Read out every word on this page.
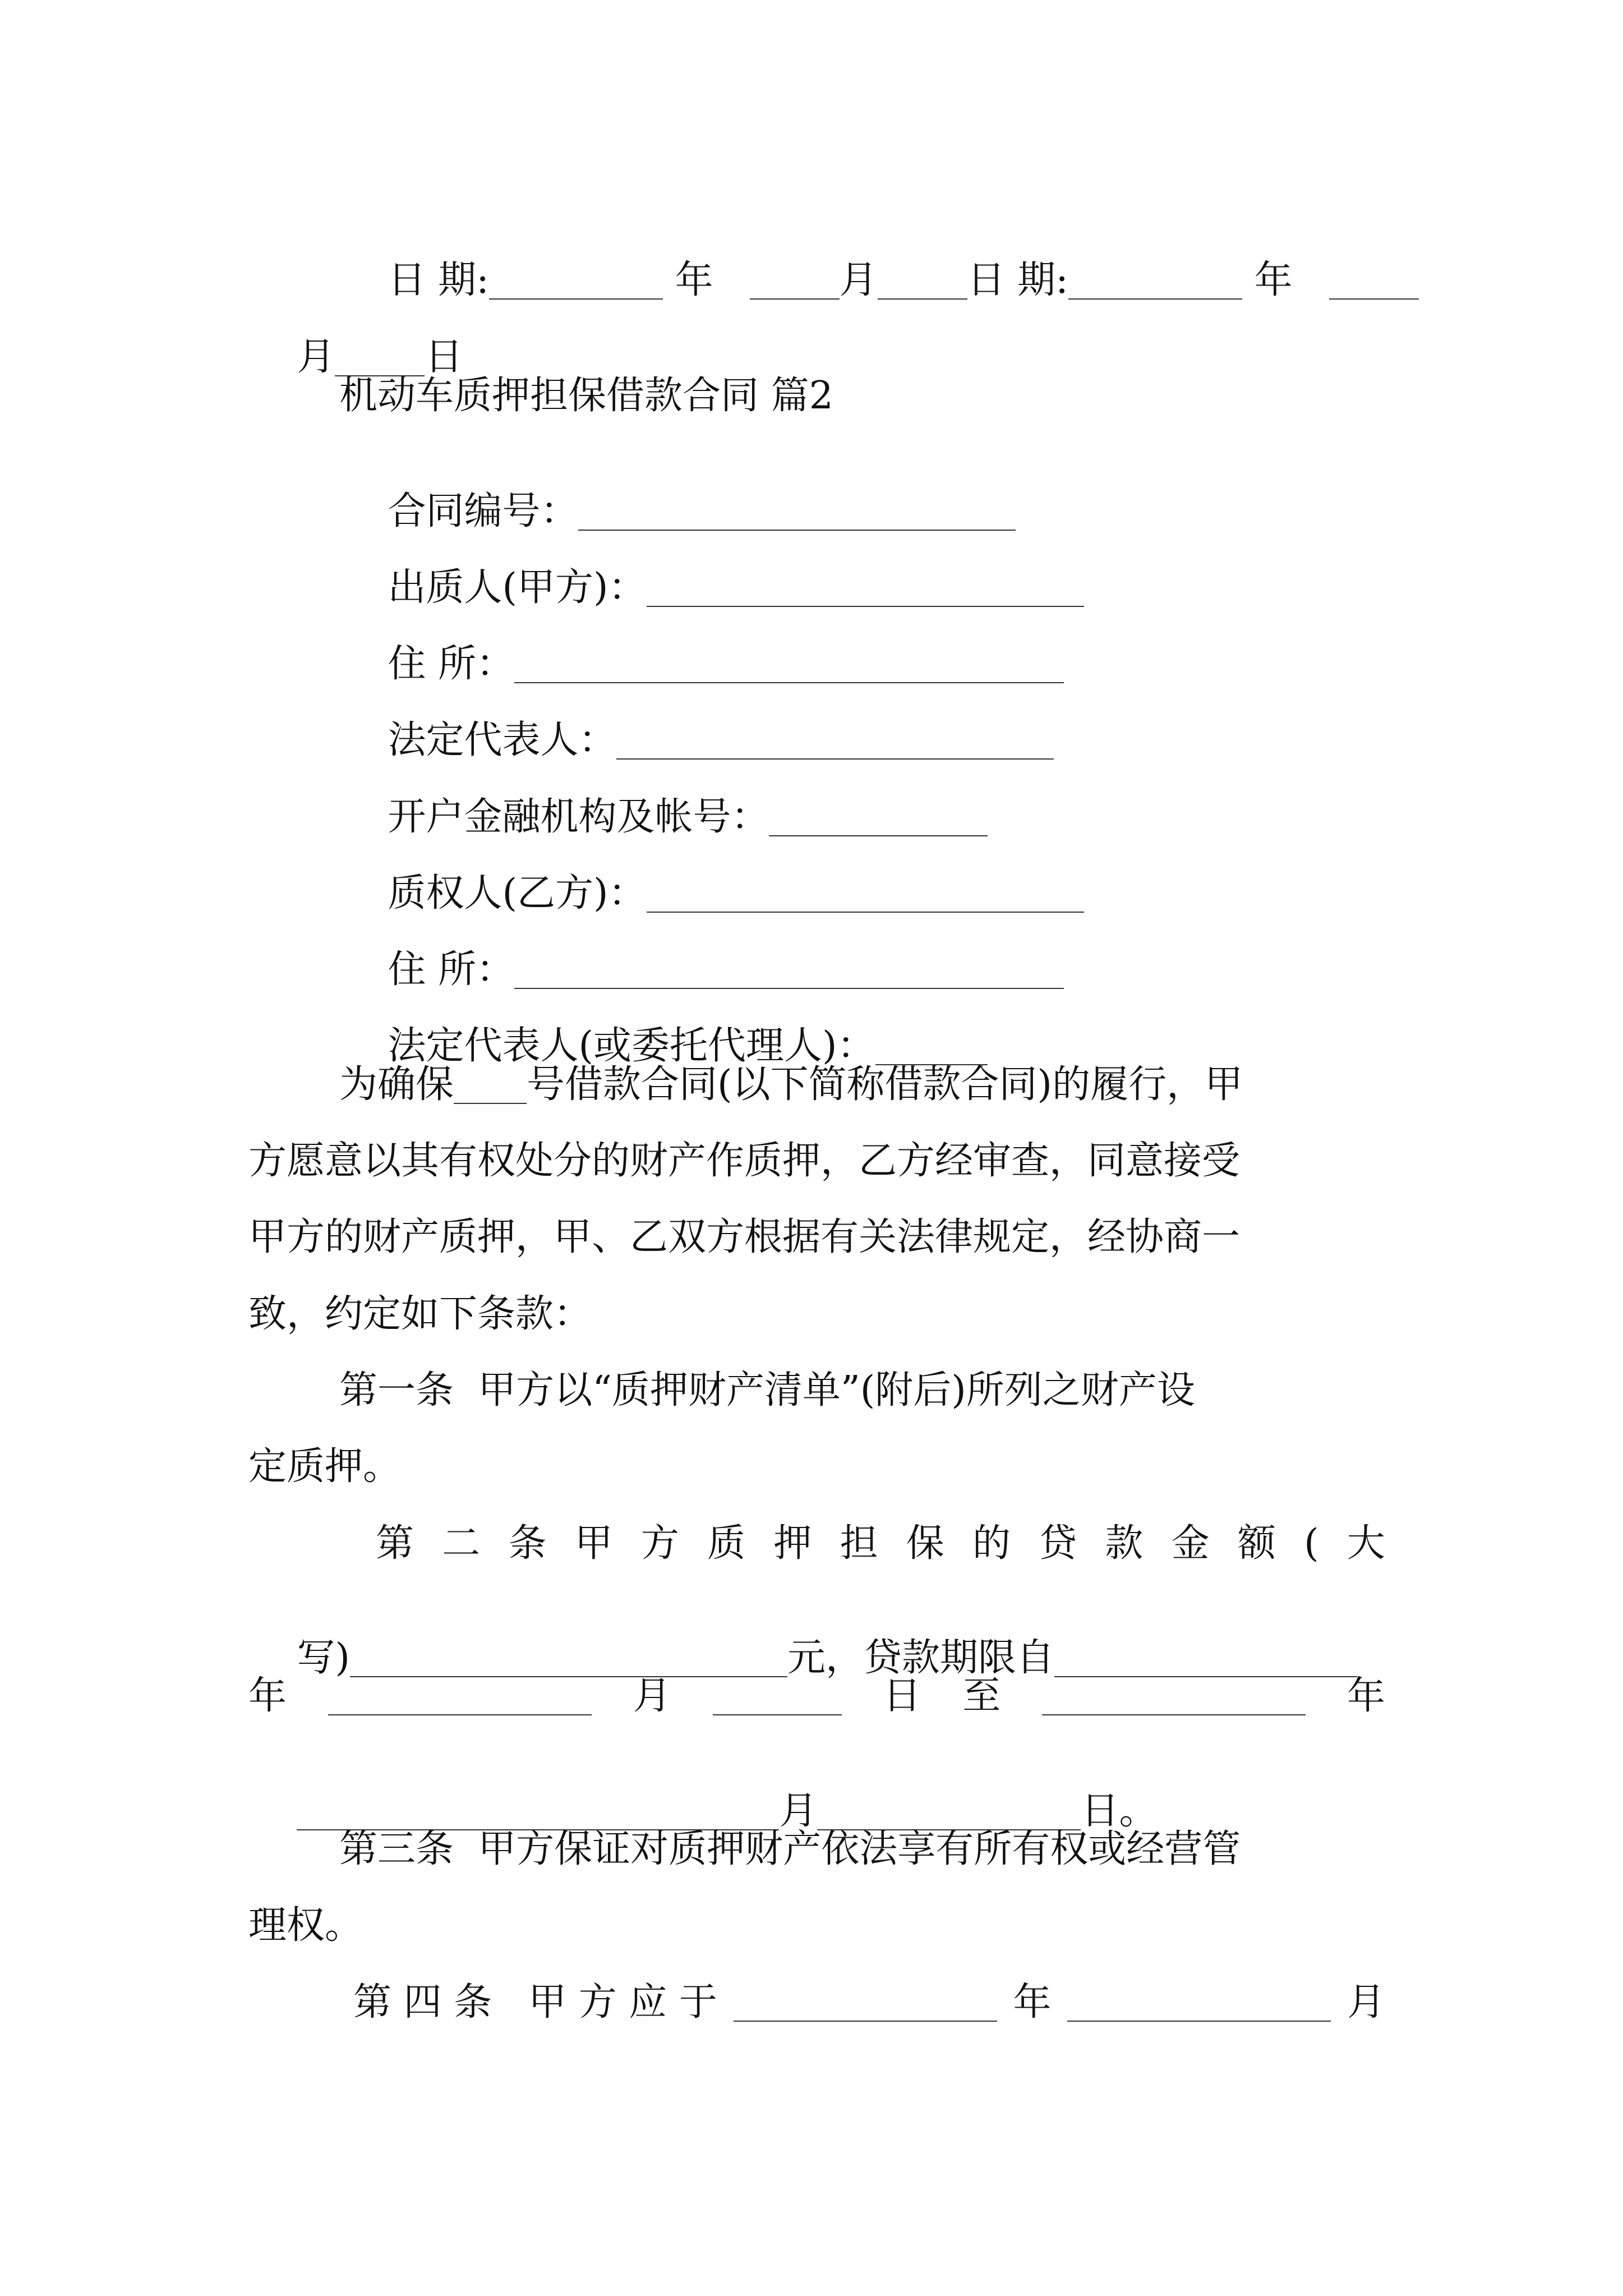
日 期:	年	月 日 期:	年

月 日

机动车质押担保借款合同 篇2

合同编号：

出质人(甲方)：

住 所：

法定代表人：

开户金融机构及帐号：

质权人(乙方)：

住 所：

法定代表人(或委托代理人)：

为确保 号借款合同(以下简称借款合同)的履行，甲
方愿意以其有权处分的财产作质押，乙方经审查，同意接受
甲方的财产质押，甲、乙双方根据有关法律规定，经协商一
致，约定如下条款：
第一条  甲方以“质押财产清单”(附后)所列之财产设
定质押。
第 二 条 甲 方 质 押 担 保 的 贷 款 金 额 ( 大

写)	元，贷款期限自

年	月	日 至	年

月	日。

第三条  甲方保证对质押财产依法享有所有权或经营管
理权。
第 四 条   甲 方 应 于	年	月
